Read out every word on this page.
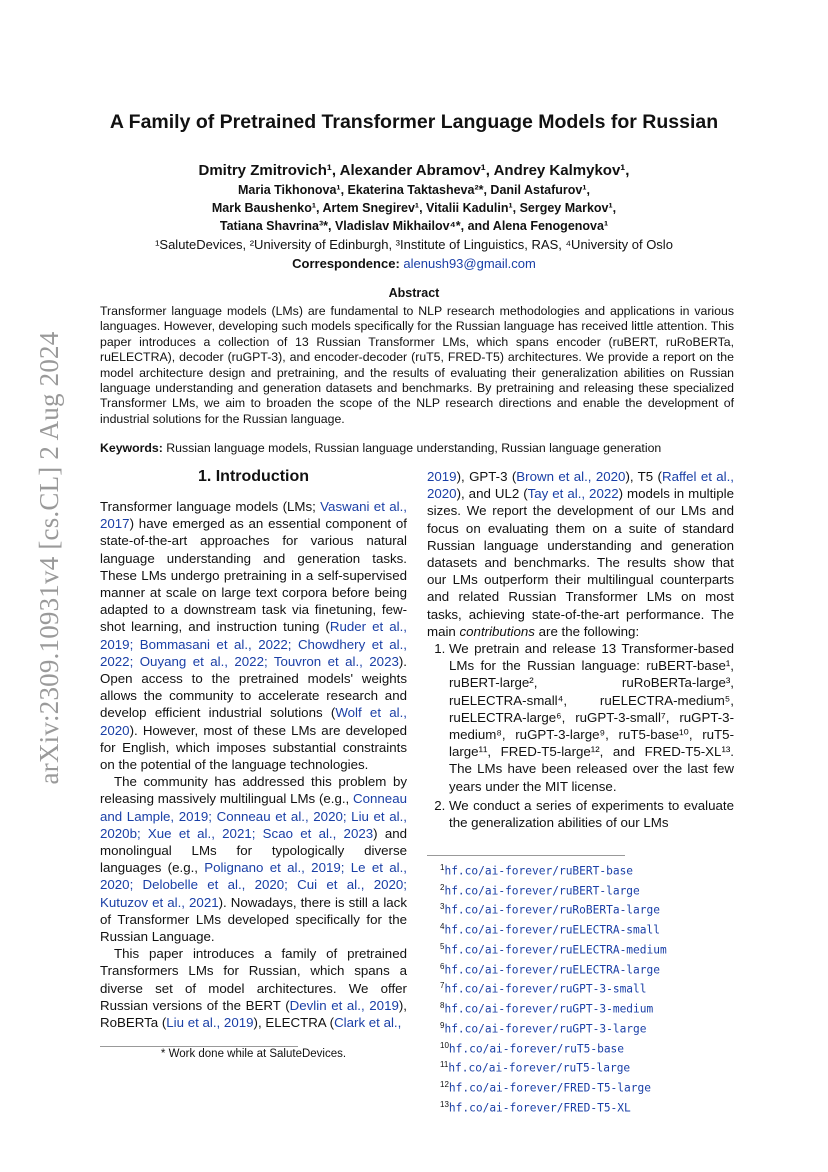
arXiv:2309.10931v4 [cs.CL] 2 Aug 2024
A Family of Pretrained Transformer Language Models for Russian
Dmitry Zmitrovich¹, Alexander Abramov¹, Andrey Kalmykov¹,
Maria Tikhonova¹, Ekaterina Taktasheva²*, Danil Astafurov¹,
Mark Baushenko¹, Artem Snegirev¹, Vitalii Kadulin¹, Sergey Markov¹,
Tatiana Shavrina³*, Vladislav Mikhailov⁴*, and Alena Fenogenova¹
¹SaluteDevices, ²University of Edinburgh, ³Institute of Linguistics, RAS, ⁴University of Oslo
Correspondence: alenush93@gmail.com
Abstract
Transformer language models (LMs) are fundamental to NLP research methodologies and applications in various languages. However, developing such models specifically for the Russian language has received little attention. This paper introduces a collection of 13 Russian Transformer LMs, which spans encoder (ruBERT, ruRoBERTa, ruELECTRA), decoder (ruGPT-3), and encoder-decoder (ruT5, FRED-T5) architectures. We provide a report on the model architecture design and pretraining, and the results of evaluating their generalization abilities on Russian language understanding and generation datasets and benchmarks. By pretraining and releasing these specialized Transformer LMs, we aim to broaden the scope of the NLP research directions and enable the development of industrial solutions for the Russian language.
Keywords: Russian language models, Russian language understanding, Russian language generation
1. Introduction

Transformer language models (LMs; Vaswani et al., 2017) have emerged as an essential component of state-of-the-art approaches for various natural language understanding and generation tasks. These LMs undergo pretraining in a self-supervised manner at scale on large text corpora before being adapted to a downstream task via finetuning, few-shot learning, and instruction tuning (Ruder et al., 2019; Bommasani et al., 2022; Chowdhery et al., 2022; Ouyang et al., 2022; Touvron et al., 2023). Open access to the pretrained models' weights allows the community to accelerate research and develop efficient industrial solutions (Wolf et al., 2020). However, most of these LMs are developed for English, which imposes substantial constraints on the potential of the language technologies.

The community has addressed this problem by releasing massively multilingual LMs (e.g., Conneau and Lample, 2019; Conneau et al., 2020; Liu et al., 2020b; Xue et al., 2021; Scao et al., 2023) and monolingual LMs for typologically diverse languages (e.g., Polignano et al., 2019; Le et al., 2020; Delobelle et al., 2020; Cui et al., 2020; Kutuzov et al., 2021). Nowadays, there is still a lack of Transformer LMs developed specifically for the Russian Language.

This paper introduces a family of pretrained Transformers LMs for Russian, which spans a diverse set of model architectures. We offer Russian versions of the BERT (Devlin et al., 2019), RoBERTa (Liu et al., 2019), ELECTRA (Clark et al.,

2019), GPT-3 (Brown et al., 2020), T5 (Raffel et al., 2020), and UL2 (Tay et al., 2022) models in multiple sizes. We report the development of our LMs and focus on evaluating them on a suite of standard Russian language understanding and generation datasets and benchmarks. The results show that our LMs outperform their multilingual counterparts and related Russian Transformer LMs on most tasks, achieving state-of-the-art performance. The main contributions are the following:

1. We pretrain and release 13 Transformer-based LMs for the Russian language: ruBERT-base¹, ruBERT-large², ruRoBERTa-large³, ruELECTRA-small⁴, ruELECTRA-medium⁵, ruELECTRA-large⁶, ruGPT-3-small⁷, ruGPT-3-medium⁸, ruGPT-3-large⁹, ruT5-base¹⁰, ruT5-large¹¹, FRED-T5-large¹², and FRED-T5-XL¹³. The LMs have been released over the last few years under the MIT license.
2. We conduct a series of experiments to evaluate the generalization abilities of our LMs
* Work done while at SaluteDevices.
$^1$hf.co/ai-forever/ruBERT-base
$^2$hf.co/ai-forever/ruBERT-large
$^3$hf.co/ai-forever/ruRoBERTa-large
$^4$hf.co/ai-forever/ruELECTRA-small
$^5$hf.co/ai-forever/ruELECTRA-medium
$^6$hf.co/ai-forever/ruELECTRA-large
$^7$hf.co/ai-forever/ruGPT-3-small
$^8$hf.co/ai-forever/ruGPT-3-medium
$^9$hf.co/ai-forever/ruGPT-3-large
$^{10}$hf.co/ai-forever/ruT5-base
$^{11}$hf.co/ai-forever/ruT5-large
$^{12}$hf.co/ai-forever/FRED-T5-large
$^{13}$hf.co/ai-forever/FRED-T5-XL
